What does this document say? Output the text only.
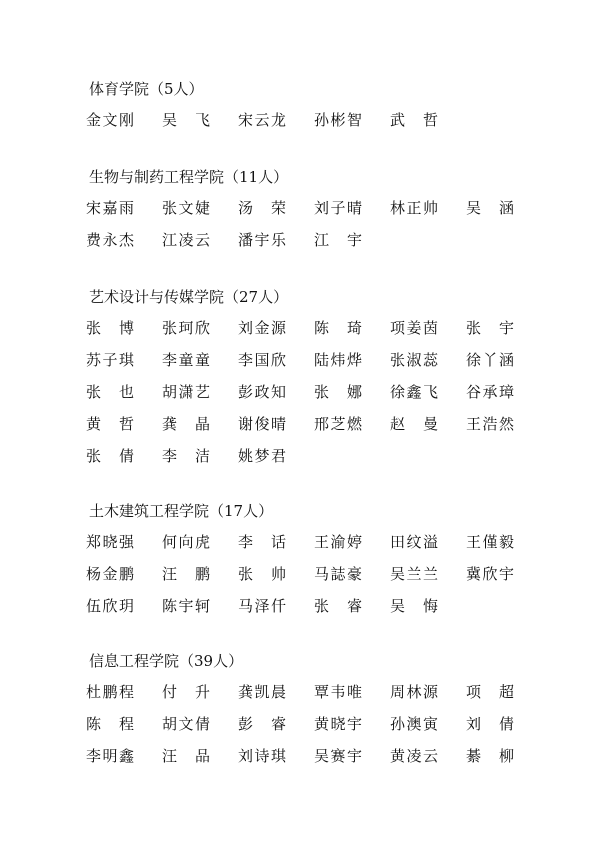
体育学院（5人）
金文刚 吴 飞 宋云龙 孙彬智 武 哲
生物与制药工程学院（11人）
宋嘉雨 张文婕 汤 荣 刘子晴 林正帅 吴 涵
费永杰 江凌云 潘宇乐 江 宇
艺术设计与传媒学院（27人）
张 博 张珂欣 刘金源 陈 琦 项姜茵 张 宇
苏子琪 李童童 李国欣 陆炜烨 张淑蕊 徐丫涵
张 也 胡潇艺 彭政知 张 娜 徐鑫飞 谷承璋
黄 哲 龚 晶 谢俊晴 邢芝燃 赵 曼 王浩然
张 倩 李 洁 姚梦君
土木建筑工程学院（17人）
郑晓强 何向虎 李 话 王渝婷 田纹溢 王僅毅
杨金鹏 汪 鹏 张 帅 马誌豪 吴兰兰 冀欣宇
伍欣玥 陈宇轲 马泽仟 张 睿 吴 悔
信息工程学院（39人）
杜鹏程 付 升 龚凯晨 覃韦唯 周林源 项 超
陈 程 胡文倩 彭 睿 黄晓宇 孙澳寅 刘 倩
李明鑫 汪 品 刘诗琪 吴赛宇 黄凌云 綦 柳
